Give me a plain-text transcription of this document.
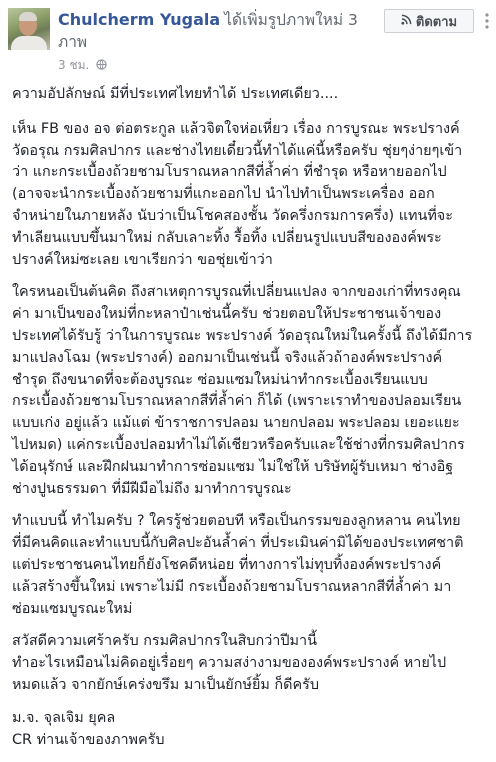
Chulcherm Yugala ได้เพิ่มรูปภาพใหม่ 3 ภาพ
3 ชม.
ติดตาม

ความอัปลักษณ์ มีที่ประเทศไทยทำได้ ประเทศเดียว....

เห็น FB ของ อจ ต่อตระกูล แล้วจิตใจห่อเหี่ยว เรื่อง การบูรณะ พระปรางค์
วัดอรุณ กรมศิลปากร และช่างไทยเดี๋ยวนี้ทำได้แค่นี้หรือครับ ชุ่ยๆง่ายๆเข้า
ว่า แกะกระเบื้องถ้วยชามโบราณหลากสีที่ล้ำค่า ที่ชำรุด หรือหายออกไป
(อาจจะนำกระเบื้องถ้วยชามที่แกะออกไป นำไปทำเป็นพระเครื่อง ออก
จำหน่ายในภายหลัง นับว่าเป็นโชคสองชั้น วัดครึ่งกรมการครึ่ง) แทนที่จะ
ทำเลียนแบบขึ้นมาใหม่ กลับเลาะทิ้ง รื้อทิ้ง เปลี่ยนรูปแบบสีขององค์พระ
ปรางค์ใหม่ซะเลย เขาเรียกว่า ขอชุ่ยเข้าว่า

ใครหนอเป็นต้นคิด ถึงสาเหตุการบูรณที่เปลี่ยนแปลง จากของเก่าที่ทรงคุณ
ค่า มาเป็นของใหม่ที่กะหลาป๋าเช่นนี้ครับ ช่วยตอบให้ประชาชนเจ้าของ
ประเทศได้รับรู้ ว่าในการบูรณะ พระปรางค์ วัดอรุณใหม่ในครั้งนี้ ถึงได้มีการ
มาแปลงโฉม (พระปรางค์) ออกมาเป็นเช่นนี้ จริงแล้วถ้าองค์พระปรางค์
ชำรุด ถึงขนาดที่จะต้องบูรณะ ซ่อมแซมใหม่น่าทำกระเบื้องเรียนแบบ
กระเบื้องถ้วยชามโบราณหลากสีที่ล้ำค่า ก็ได้ (เพราะเราทำของปลอมเรียน
แบบเก่ง อยู่แล้ว แม้แต่ ข้าราชการปลอม นายกปลอม พระปลอม เยอะแยะ
ไปหมด) แค่กระเบื้องปลอมทำไม่ได้เชียวหรือครับและใช้ช่างที่กรมศิลปากร
ได้อนุรักษ์ และฝึกฝนมาทำการซ่อมแซม ไม่ใช่ให้ บริษัทผู้รับเหมา ช่างอิฐ
ช่างปูนธรรมดา ที่มีฝีมือไม่ถึง มาทำการบูรณะ

ทำแบบนี้ ทำไมครับ ? ใครรู้ช่วยตอบที หรือเป็นกรรมของลูกหลาน คนไทย
ที่มีคนคิดและทำแบบนี้กับศิลปะอันล้ำค่า ที่ประเมินค่ามิได้ของประเทศชาติ
แต่ประชาชนคนไทยก็ยังโชคดีหน่อย ที่ทางการไม่ทุบทิ้งองค์พระปรางค์
แล้วสร้างขึ้นใหม่ เพราะไม่มี กระเบื้องถ้วยชามโบราณหลากสีที่ล้ำค่า มา
ซ่อมแซมบูรณะใหม่

สวัสดีความเศร้าครับ กรมศิลปากรในสิบกว่าปีมานี้
ทำอะไรเหมือนไม่คิดอยู่เรื่อยๆ ความสง่างามขององค์พระปรางค์ หายไป
หมดแล้ว จากยักษ์เคร่งขรึม มาเป็นยักษ์ยิ้ม ก็ดีครับ

ม.จ. จุลเจิม ยุคล
CR ท่านเจ้าของภาพครับ
